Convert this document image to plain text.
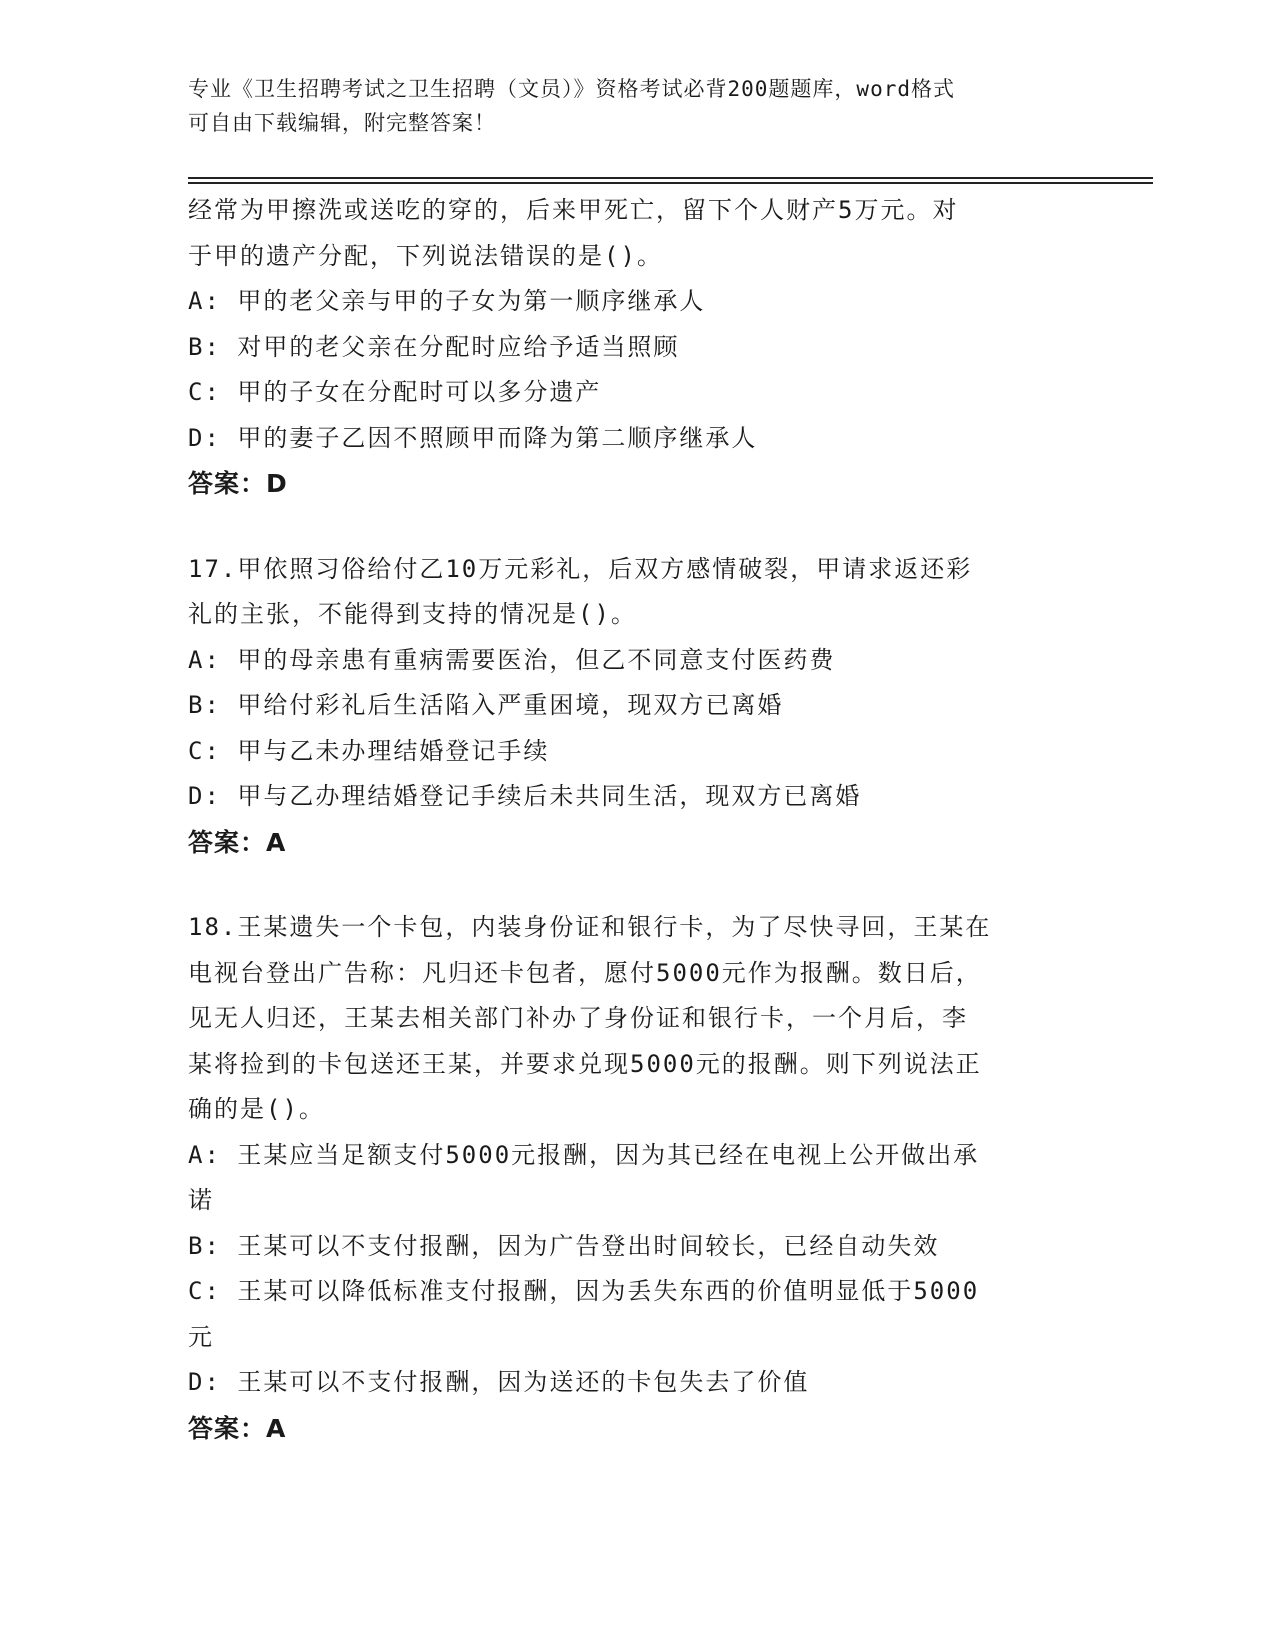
专业《卫生招聘考试之卫生招聘（文员）》资格考试必背200题题库，word格式
可自由下载编辑，附完整答案！
经常为甲擦洗或送吃的穿的，后来甲死亡，留下个人财产5万元。对
于甲的遗产分配，下列说法错误的是()。
A: 甲的老父亲与甲的子女为第一顺序继承人
B: 对甲的老父亲在分配时应给予适当照顾
C: 甲的子女在分配时可以多分遗产
D: 甲的妻子乙因不照顾甲而降为第二顺序继承人
答案：D
17.甲依照习俗给付乙10万元彩礼，后双方感情破裂，甲请求返还彩
礼的主张，不能得到支持的情况是()。
A: 甲的母亲患有重病需要医治，但乙不同意支付医药费
B: 甲给付彩礼后生活陷入严重困境，现双方已离婚
C: 甲与乙未办理结婚登记手续
D: 甲与乙办理结婚登记手续后未共同生活，现双方已离婚
答案：A
18.王某遗失一个卡包，内装身份证和银行卡，为了尽快寻回，王某在
电视台登出广告称：凡归还卡包者，愿付5000元作为报酬。数日后，
见无人归还，王某去相关部门补办了身份证和银行卡，一个月后，李
某将捡到的卡包送还王某，并要求兑现5000元的报酬。则下列说法正
确的是()。
A: 王某应当足额支付5000元报酬，因为其已经在电视上公开做出承
诺
B: 王某可以不支付报酬，因为广告登出时间较长，已经自动失效
C: 王某可以降低标准支付报酬，因为丢失东西的价值明显低于5000
元
D: 王某可以不支付报酬，因为送还的卡包失去了价值
答案：A
